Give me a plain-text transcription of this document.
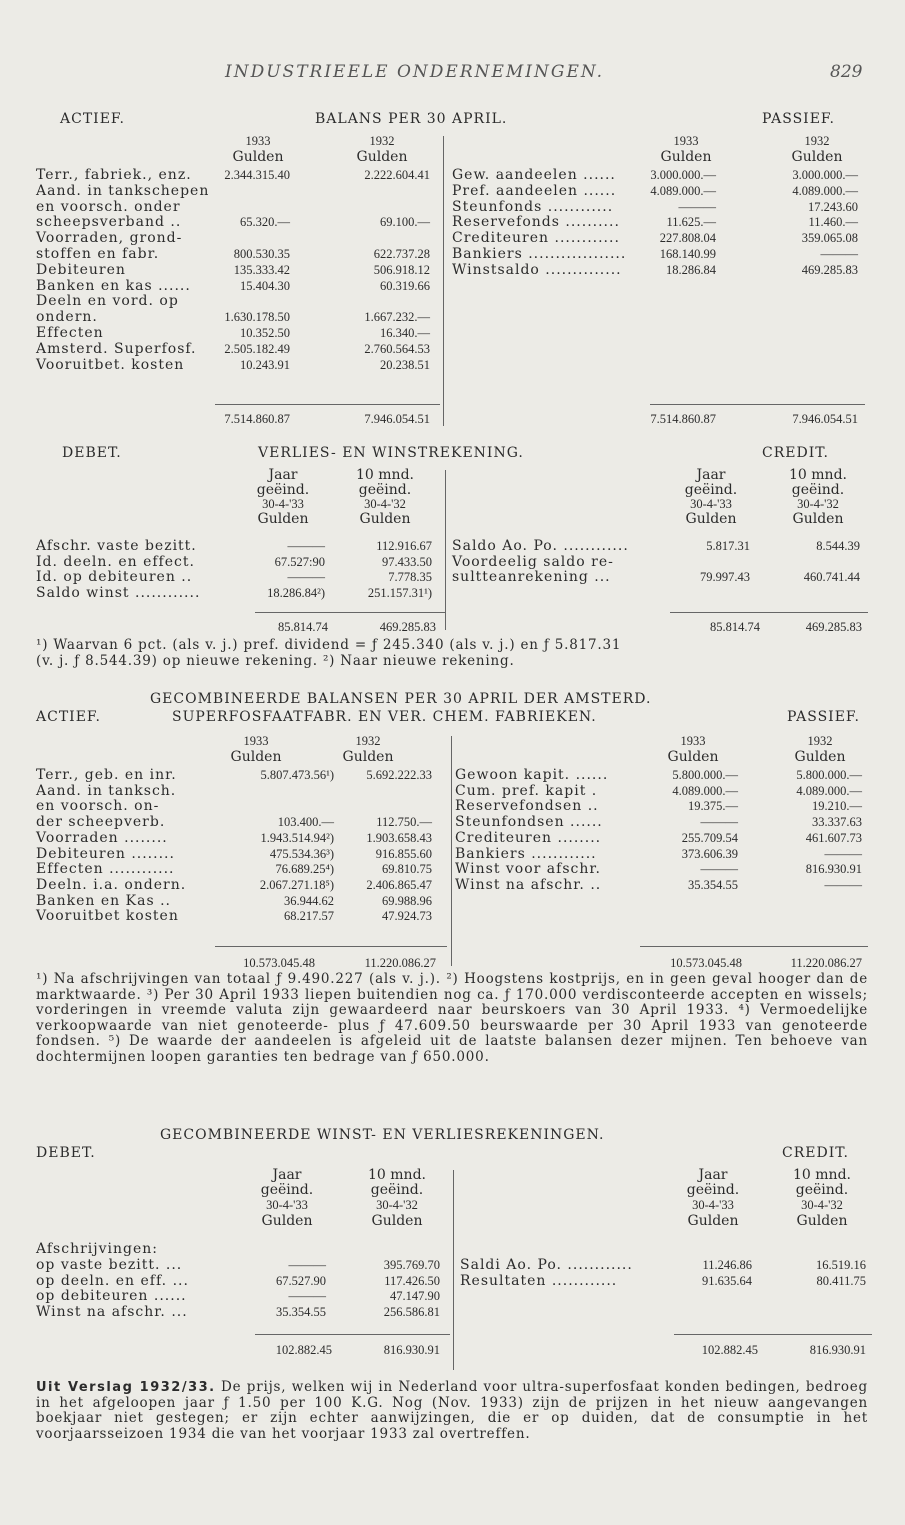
INDUSTRIEELE ONDERNEMINGEN.	829
ACTIEF.	BALANS PER 30 APRIL.	PASSIEF.
1933	1932	1933	1932
Gulden	Gulden	Gulden	Gulden
Terr., fabriek., enz.	2.344.315.40	2.222.604.41
Aand. in tankschepen
en voorsch. onder
scheepsverband ..	65.320.—	69.100.—
Voorraden, grond-
stoffen en fabr.	800.530.35	622.737.28
Debiteuren	135.333.42	506.918.12
Banken en kas ......	15.404.30	60.319.66
Deeln en vord. op
ondern.	1.630.178.50	1.667.232.—
Effecten	10.352.50	16.340.—
Amsterd. Superfosf.	2.505.182.49	2.760.564.53
Vooruitbet. kosten	10.243.91	20.238.51
Gew. aandeelen ......	3.000.000.—	3.000.000.—
Pref. aandeelen ......	4.089.000.—	4.089.000.—
Steunfonds ............	———	17.243.60
Reservefonds ..........	11.625.—	11.460.—
Crediteuren ............	227.808.04	359.065.08
Bankiers ..................	168.140.99	———
Winstsaldo ..............	18.286.84	469.285.83
7.514.860.87	7.946.054.51	7.514.860.87	7.946.054.51
DEBET.	VERLIES- EN WINSTREKENING.	CREDIT.
Jaar
geëind.
30-4-'33
Gulden
10 mnd.
geëind.
30-4-'32
Gulden
Jaar
geëind.
30-4-'33
Gulden
10 mnd.
geëind.
30-4-'32
Gulden
Afschr. vaste bezitt.	———	112.916.67
Id. deeln. en effect.	67.527:90	97.433.50
Id. op debiteuren ..	———	7.778.35
Saldo winst ............	18.286.84²)	251.157.31¹)
Saldo Ao. Po. ............	5.817.31	8.544.39
Voordeelig saldo re-
sultteanrekening ...	79.997.43	460.741.44
85.814.74	469.285.83	85.814.74	469.285.83
¹) Waarvan 6 pct. (als v. j.) pref. dividend = ƒ 245.340 (als v. j.) en ƒ 5.817.31
(v. j. ƒ 8.544.39) op nieuwe rekening. ²) Naar nieuwe rekening.
GECOMBINEERDE BALANSEN PER 30 APRIL DER AMSTERD.
ACTIEF.	SUPERFOSFAATFABR. EN VER. CHEM. FABRIEKEN.	PASSIEF.
1933	1932	1933	1932
Gulden	Gulden	Gulden	Gulden
Terr., geb. en inr.	5.807.473.56¹)	5.692.222.33
Aand. in tanksch.
en voorsch. on-
der scheepverb.	103.400.—	112.750.—
Voorraden ........	1.943.514.94²)	1.903.658.43
Debiteuren ........	475.534.36³)	916.855.60
Effecten ............	76.689.25⁴)	69.810.75
Deeln. i.a. ondern.	2.067.271.18⁵)	2.406.865.47
Banken en Kas ..	36.944.62	69.988.96
Vooruitbet kosten	68.217.57	47.924.73
Gewoon kapit. ......	5.800.000.—	5.800.000.—
Cum. pref. kapit .	4.089.000.—	4.089.000.—
Reservefondsen ..	19.375.—	19.210.—
Steunfondsen ......	———	33.337.63
Crediteuren ........	255.709.54	461.607.73
Bankiers ............	373.606.39	———
Winst voor afschr.	———	816.930.91
Winst na afschr. ..	35.354.55	———
10.573.045.48	11.220.086.27	10.573.045.48	11.220.086.27
¹) Na afschrijvingen van totaal ƒ 9.490.227 (als v. j.). ²) Hoogstens kostprijs, en in geen geval hooger dan de marktwaarde. ³) Per 30 April 1933 liepen buitendien nog ca. ƒ 170.000 verdisconteerde accepten en wissels; vorderingen in vreemde valuta zijn gewaardeerd naar beurskoers van 30 April 1933. ⁴) Vermoedelijke verkoopwaarde van niet genoteerde- plus ƒ 47.609.50 beurswaarde per 30 April 1933 van genoteerde fondsen. ⁵) De waarde der aandeelen is afgeleid uit de laatste balansen dezer mijnen. Ten behoeve van dochtermijnen loopen garanties ten bedrage van ƒ 650.000.
GECOMBINEERDE WINST- EN VERLIESREKENINGEN.
DEBET.	CREDIT.
Jaar
geëind.
30-4-'33
Gulden
10 mnd.
geëind.
30-4-'32
Gulden
Jaar
geëind.
30-4-'33
Gulden
10 mnd.
geëind.
30-4-'32
Gulden
Afschrijvingen:
op vaste bezitt. ...	———	395.769.70
op deeln. en eff. ...	67.527.90	117.426.50
op debiteuren ......	———	47.147.90
Winst na afschr. ...	35.354.55	256.586.81
Saldi Ao. Po. ............	11.246.86	16.519.16
Resultaten ............	91.635.64	80.411.75
102.882.45	816.930.91	102.882.45	816.930.91
Uit Verslag 1932/33. De prijs, welken wij in Nederland voor ultra-superfosfaat konden bedingen, bedroeg in het afgeloopen jaar ƒ 1.50 per 100 K.G. Nog (Nov. 1933) zijn de prijzen in het nieuw aangevangen boekjaar niet gestegen; er zijn echter aanwijzingen, die er op duiden, dat de consumptie in het voorjaarsseizoen 1934 die van het voorjaar 1933 zal overtreffen.
